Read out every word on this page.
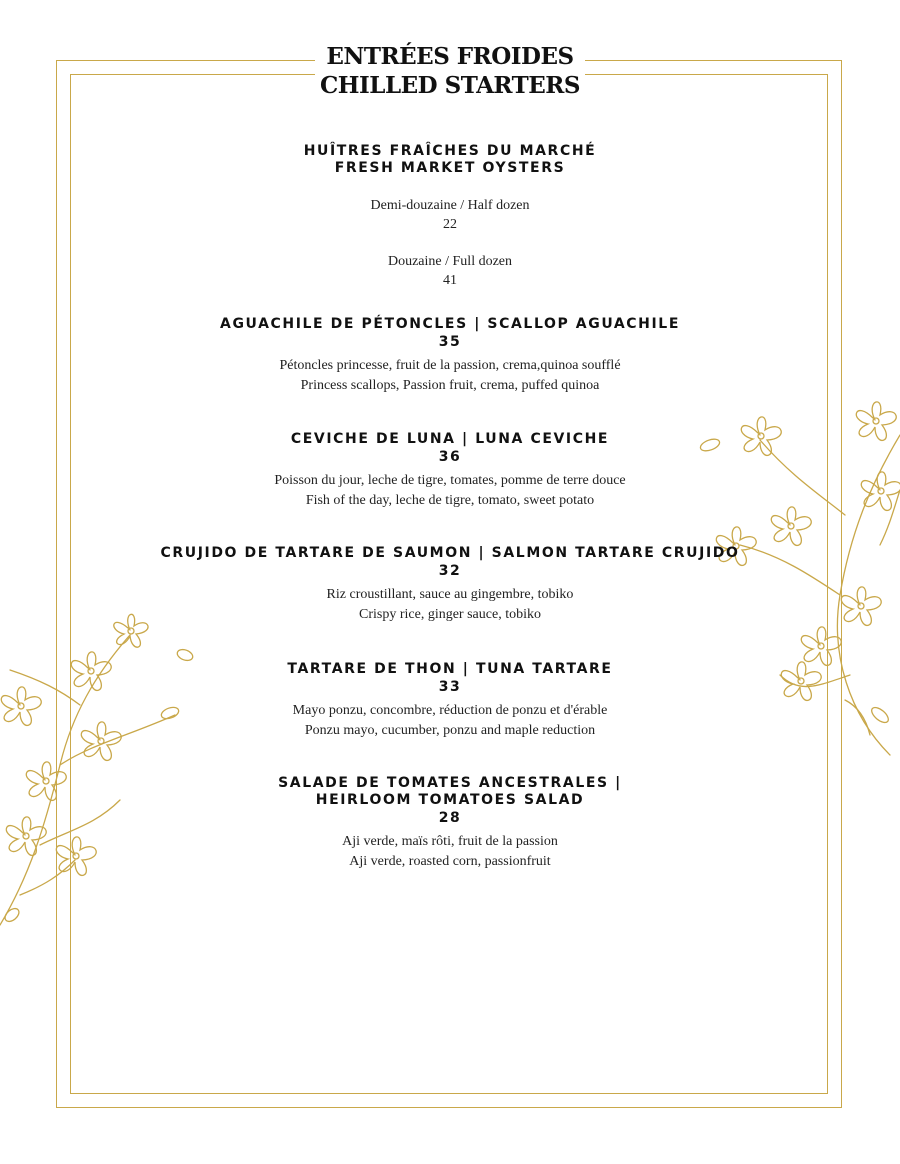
ENTRÉES FROIDES
CHILLED STARTERS
HUÎTRES FRAÎCHES DU MARCHÉ
FRESH MARKET OYSTERS
Demi-douzaine / Half dozen
22
Douzaine / Full dozen
41
AGUACHILE DE PÉTONCLES | SCALLOP AGUACHILE
35
Pétoncles princesse, fruit de la passion, crema,quinoa soufflé
Princess scallops, Passion fruit, crema, puffed quinoa
CEVICHE DE LUNA | LUNA CEVICHE
36
Poisson du jour, leche de tigre, tomates, pomme de terre douce
Fish of the day, leche de tigre, tomato, sweet potato
CRUJIDO DE TARTARE DE SAUMON | SALMON TARTARE CRUJIDO
32
Riz croustillant, sauce au gingembre, tobiko
Crispy rice, ginger sauce, tobiko
TARTARE DE THON | TUNA TARTARE
33
Mayo ponzu, concombre, réduction de ponzu et d'érable
Ponzu mayo, cucumber, ponzu and maple reduction
SALADE DE TOMATES ANCESTRALES |
HEIRLOOM TOMATOES SALAD
28
Aji verde, maïs rôti, fruit de la passion
Aji verde, roasted corn, passionfruit
